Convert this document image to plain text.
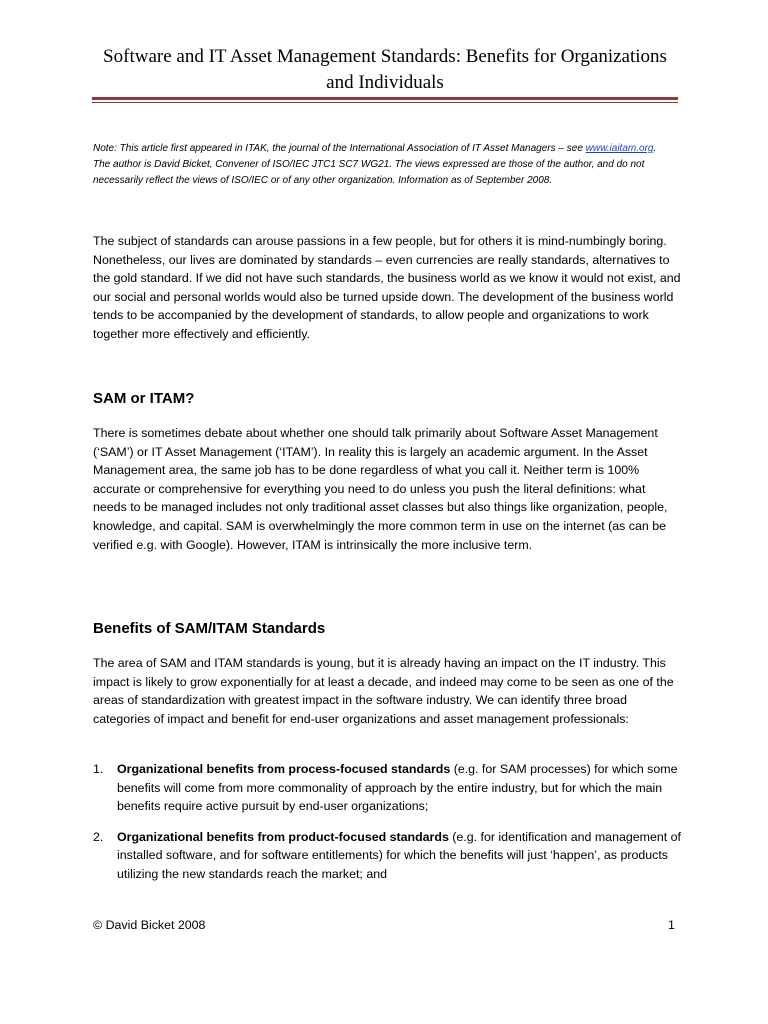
Software and IT Asset Management Standards: Benefits for Organizations and Individuals

Note: This article first appeared in ITAK, the journal of the International Association of IT Asset Managers – see www.iaitam.org. The author is David Bicket, Convener of ISO/IEC JTC1 SC7 WG21. The views expressed are those of the author, and do not necessarily reflect the views of ISO/IEC or of any other organization. Information as of September 2008.

The subject of standards can arouse passions in a few people, but for others it is mind-numbingly boring. Nonetheless, our lives are dominated by standards – even currencies are really standards, alternatives to the gold standard. If we did not have such standards, the business world as we know it would not exist, and our social and personal worlds would also be turned upside down. The development of the business world tends to be accompanied by the development of standards, to allow people and organizations to work together more effectively and efficiently.

SAM or ITAM?

There is sometimes debate about whether one should talk primarily about Software Asset Management (‘SAM’) or IT Asset Management (‘ITAM’). In reality this is largely an academic argument. In the Asset Management area, the same job has to be done regardless of what you call it. Neither term is 100% accurate or comprehensive for everything you need to do unless you push the literal definitions: what needs to be managed includes not only traditional asset classes but also things like organization, people, knowledge, and capital. SAM is overwhelmingly the more common term in use on the internet (as can be verified e.g. with Google). However, ITAM is intrinsically the more inclusive term.

Benefits of SAM/ITAM Standards

The area of SAM and ITAM standards is young, but it is already having an impact on the IT industry. This impact is likely to grow exponentially for at least a decade, and indeed may come to be seen as one of the areas of standardization with greatest impact in the software industry. We can identify three broad categories of impact and benefit for end-user organizations and asset management professionals:

1. Organizational benefits from process-focused standards (e.g. for SAM processes) for which some benefits will come from more commonality of approach by the entire industry, but for which the main benefits require active pursuit by end-user organizations;
2. Organizational benefits from product-focused standards (e.g. for identification and management of installed software, and for software entitlements) for which the benefits will just ‘happen’, as products utilizing the new standards reach the market; and
© David Bicket 2008	1
